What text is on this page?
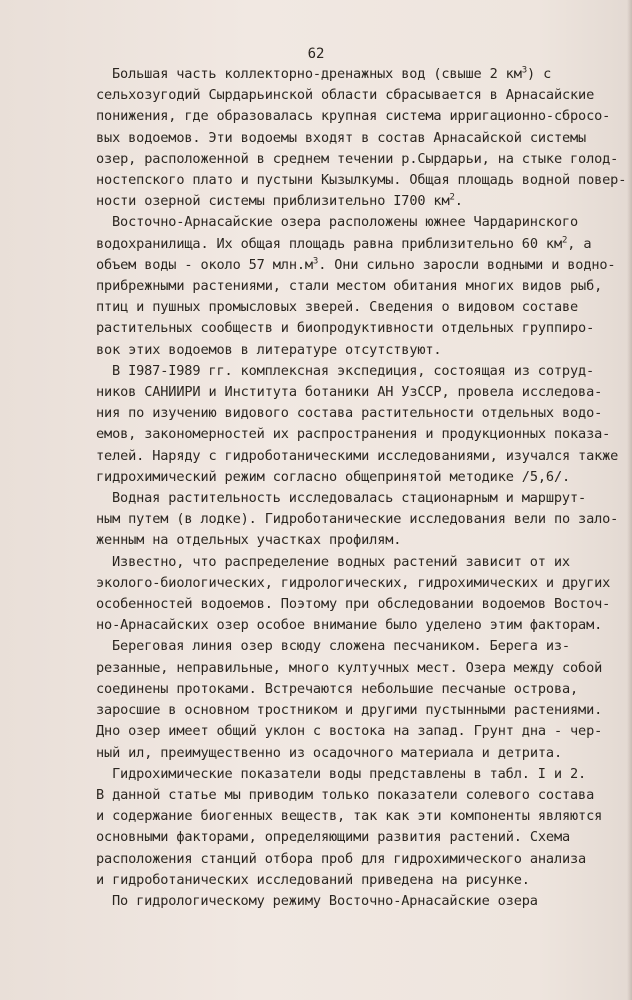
62
Большая часть коллекторно-дренажных вод (свыше 2 $км^3$) с
сельхозугодий Сырдарьинской области сбрасывается в Арнасайские
понижения, где образовалась крупная система ирригационно-сбросо-
вых водоемов. Эти водоемы входят в состав Арнасайской системы
озер, расположенной в среднем течении р.Сырдарьи, на стыке голод-
ностепского плато и пустыни Кызылкумы. Общая площадь водной повер-
ности озерной системы приблизительно I700 $км^2$.
Восточно-Арнасайские озера расположены южнее Чардаринского
водохранилища. Их общая площадь равна приблизительно 60 $км^2$, а
объем воды - около 57 $млн.м^3$. Они сильно заросли водными и водно-
прибрежными растениями, стали местом обитания многих видов рыб,
птиц и пушных промысловых зверей. Сведения о видовом составе
растительных сообществ и биопродуктивности отдельных группиро-
вок этих водоемов в литературе отсутствуют.
В I987-I989 гг. комплексная экспедиция, состоящая из сотруд-
ников САНИИРИ и Института ботаники АН УзССР, провела исследова-
ния по изучению видового состава растительности отдельных водо-
емов, закономерностей их распространения и продукционных показа-
телей. Наряду с гидроботаническими исследованиями, изучался также
гидрохимический режим согласно общепринятой методике /5,6/.
Водная растительность исследовалась стационарным и маршрут-
ным путем (в лодке). Гидроботанические исследования вели по зало-
женным на отдельных участках профилям.
Известно, что распределение водных растений зависит от их
эколого-биологических, гидрологических, гидрохимических и других
особенностей водоемов. Поэтому при обследовании водоемов Восточ-
но-Арнасайских озер особое внимание было уделено этим факторам.
Береговая линия озер всюду сложена песчаником. Берега из-
резанные, неправильные, много култучных мест. Озера между собой
соединены протоками. Встречаются небольшие песчаные острова,
заросшие в основном тростником и другими пустынными растениями.
Дно озер имеет общий уклон с востока на запад. Грунт дна - чер-
ный ил, преимущественно из осадочного материала и детрита.
Гидрохимические показатели воды представлены в табл. I и 2.
В данной статье мы приводим только показатели солевого состава
и содержание биогенных веществ, так как эти компоненты являются
основными факторами, определяющими развития растений. Схема
расположения станций отбора проб для гидрохимического анализа
и гидроботанических исследований приведена на рисунке.
По гидрологическому режиму Восточно-Арнасайские озера
